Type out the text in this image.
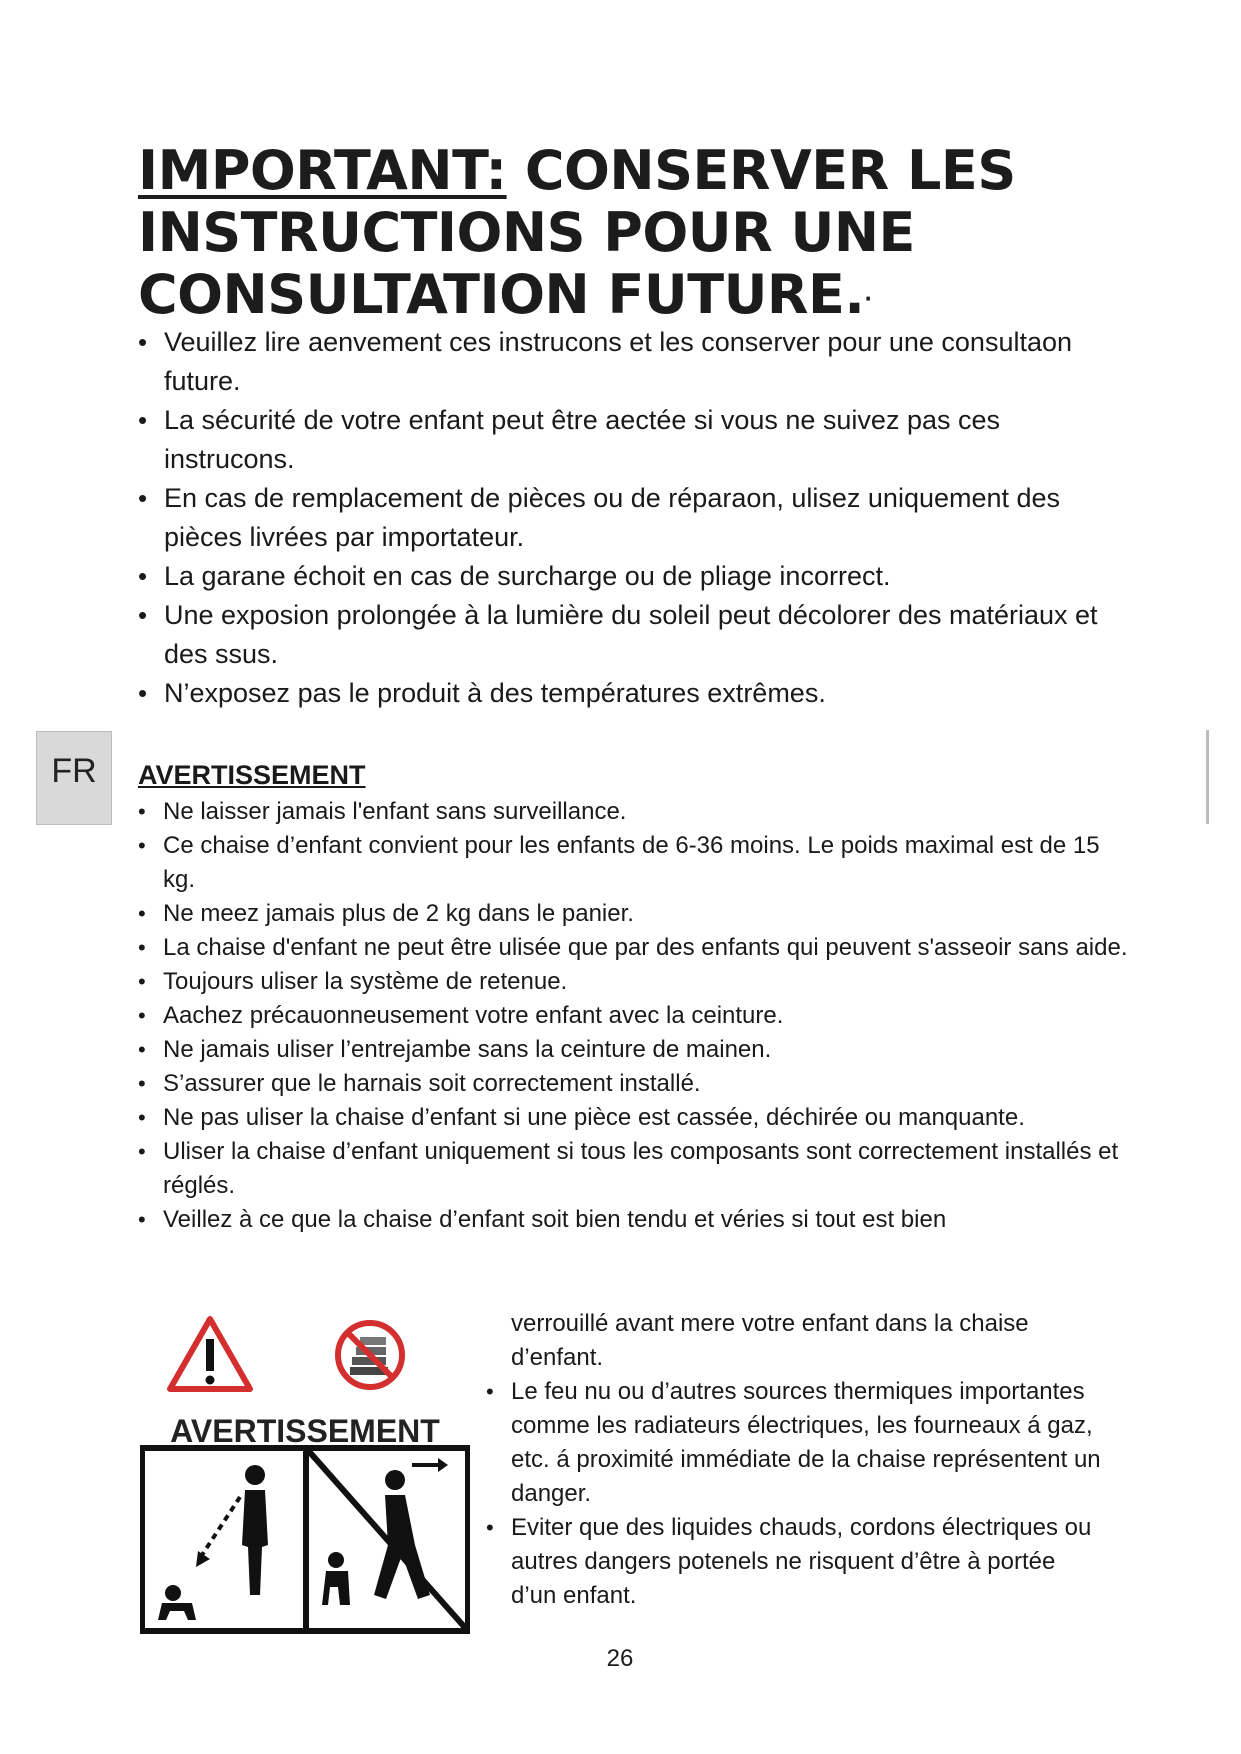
IMPORTANT: CONSERVER LES INSTRUCTIONS POUR UNE CONSULTATION FUTURE.·
• Veuillez lire aenvement ces instrucons et les conserver pour une consultaon future.
• La sécurité de votre enfant peut être aectée si vous ne suivez pas ces instrucons.
• En cas de remplacement de pièces ou de réparaon, ulisez uniquement des pièces livrées par importateur.
• La garane échoit en cas de surcharge ou de pliage incorrect.
• Une exposion prolongée à la lumière du soleil peut décolorer des matériaux et des ssus.
• N’exposez pas le produit à des températures extrêmes.
FR	AVERTISSEMENT
• Ne laisser jamais l'enfant sans surveillance.
• Ce chaise d’enfant convient pour les enfants de 6-36 moins. Le poids maximal est de 15 kg.
• Ne meez jamais plus de 2 kg dans le panier.
• La chaise d'enfant ne peut être ulisée que par des enfants qui peuvent s'asseoir sans aide.
• Toujours uliser la système de retenue.
• Aachez précauonneusement votre enfant avec la ceinture.
• Ne jamais uliser l’entrejambe sans la ceinture de mainen.
• S’assurer que le harnais soit correctement installé.
• Ne pas uliser la chaise d’enfant si une pièce est cassée, déchirée ou manquante.
• Uliser la chaise d’enfant uniquement si tous les composants sont correctement installés et réglés.
• Veillez à ce que la chaise d’enfant soit bien tendu et véries si tout est bien
verrouillé avant mere votre enfant dans la chaise d’enfant.
• Le feu nu ou d’autres sources thermiques importantes comme les radiateurs électriques, les fourneaux á gaz, etc. á proximité immédiate de la chaise représentent un danger.
• Eviter que des liquides chauds, cordons électriques ou autres dangers potenels ne risquent d’être à portée d’un enfant.
AVERTISSEMENT
26
